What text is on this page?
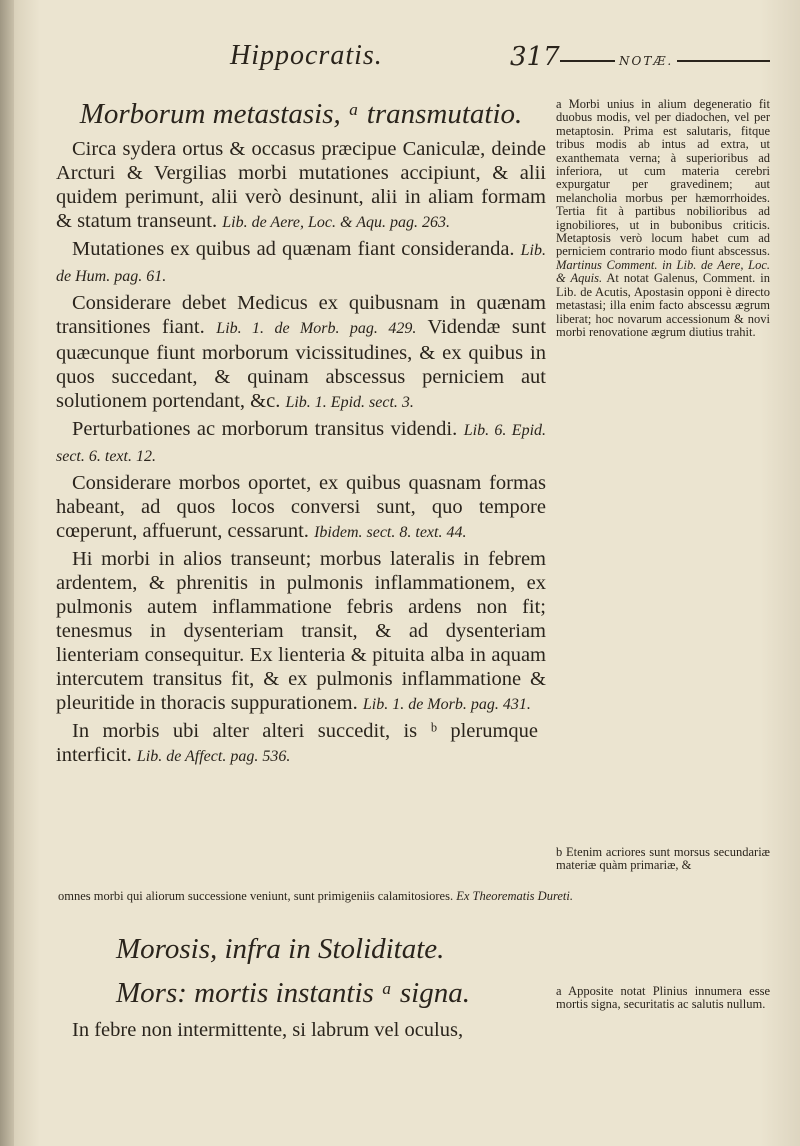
Hippocratis.	317	NOTÆ.
Morborum metastasis, ᵃ transmutatio.

Circa sydera ortus & occasus præcipue Caniculæ, deinde Arcturi & Vergilias morbi mutationes accipiunt, & alii quidem perimunt, alii verò desinunt, alii in aliam formam & statum transeunt. Lib. de Aere, Loc. & Aqu. pag. 263.

Mutationes ex quibus ad quænam fiant consideranda. Lib. de Hum. pag. 61.

Considerare debet Medicus ex quibusnam in quænam transitiones fiant. Lib. 1. de Morb. pag. 429. Videndæ sunt quæcunque fiunt morborum vicissitudines, & ex quibus in quos succedant, & quinam abscessus perniciem aut solutionem portendant, &c. Lib. 1. Epid. sect. 3.

Perturbationes ac morborum transitus videndi. Lib. 6. Epid. sect. 6. text. 12.

Considerare morbos oportet, ex quibus quasnam formas habeant, ad quos locos conversi sunt, quo tempore cœperunt, affuerunt, cessarunt. Ibidem. sect. 8. text. 44.

Hi morbi in alios transeunt; morbus lateralis in febrem ardentem, & phrenitis in pulmonis inflammationem, ex pulmonis autem inflammatione febris ardens non fit; tenesmus in dysenteriam transit, & ad dysenteriam lienteriam consequitur. Ex lienteria & pituita alba in aquam intercutem transitus fit, & ex pulmonis inflammatione & pleuritide in thoracis suppurationem. Lib. 1. de Morb. pag. 431.

In morbis ubi alter alteri succedit, is ᵇ plerumque interficit. Lib. de Affect. pag. 536.

a Morbi unius in alium degeneratio fit duobus modis, vel per diadochen, vel per metaptosin. Prima est salutaris, fitque tribus modis ab intus ad extra, ut exanthemata verna; à superioribus ad inferiora, ut cum materia cerebri expurgatur per gravedinem; aut melancholia morbus per hæmorrhoides. Tertia fit à partibus nobilioribus ad ignobiliores, ut in bubonibus criticis. Metaptosis verò locum habet cum ad perniciem contrario modo fiunt abscessus. Martinus Comment. in Lib. de Aere, Loc. & Aquis. At notat Galenus, Comment. in Lib. de Acutis, Apostasin opponi è directo metastasi; illa enim facto abscessu ægrum liberat; hoc novarum accessionum & novi morbi renovatione ægrum diutius trahit.

b Etenim acriores sunt morsus secundariæ materiæ quàm primariæ, &

omnes morbi qui aliorum successione veniunt, sunt primigeniis calamitosiores. Ex Theorematis Dureti.
Morosis, infra in Stoliditate.
Mors: mortis instantis ᵃ signa.

In febre non intermittente, si labrum vel oculus,

a Apposite notat Plinius innumera esse mortis signa, securitatis ac salutis nullum.
